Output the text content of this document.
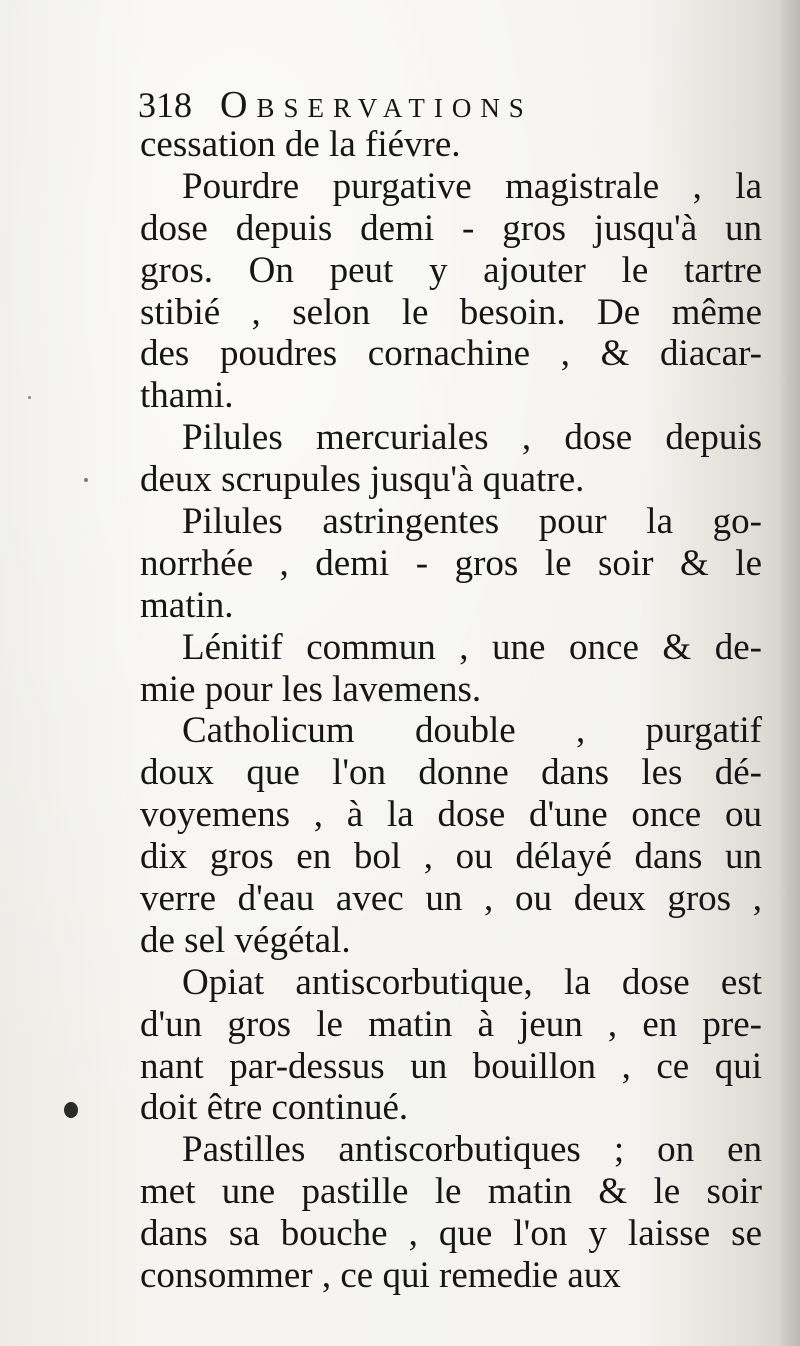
318 Observations
cessation de la fiévre.
Pourdre purgative magistrale , la
dose depuis demi - gros jusqu'à un
gros. On peut y ajouter le tartre
stibié , selon le besoin. De même
des poudres cornachine , & diacar-
thami.
Pilules mercuriales , dose depuis
deux scrupules jusqu'à quatre.
Pilules astringentes pour la go-
norrhée , demi - gros le soir & le
matin.
Lénitif commun , une once & de-
mie pour les lavemens.
Catholicum double , purgatif
doux que l'on donne dans les dé-
voyemens , à la dose d'une once ou
dix gros en bol , ou délayé dans un
verre d'eau avec un , ou deux gros ,
de sel végétal.
Opiat antiscorbutique, la dose est
d'un gros le matin à jeun , en pre-
nant par-dessus un bouillon , ce qui
doit être continué.
Pastilles antiscorbutiques ; on en
met une pastille le matin & le soir
dans sa bouche , que l'on y laisse se
consommer , ce qui remedie aux
